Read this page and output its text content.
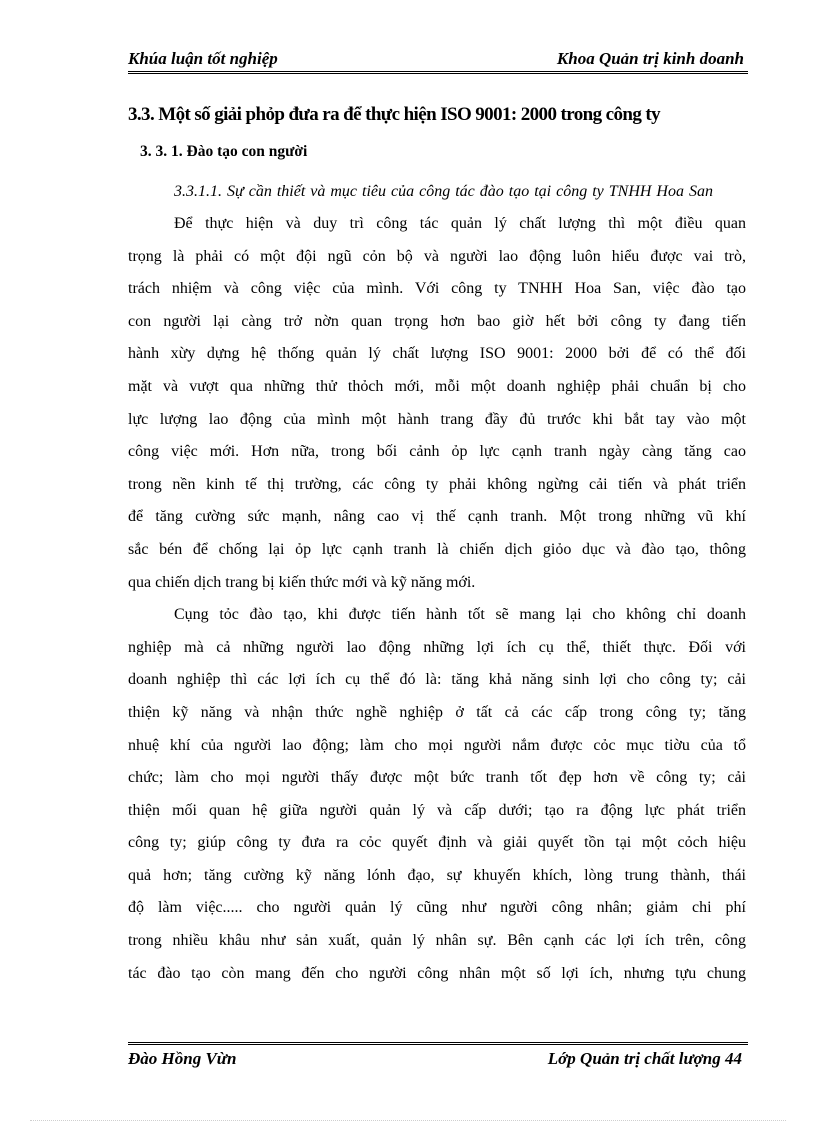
Khúa luận tốt nghiệp	Khoa Quản trị kinh doanh
3.3. Một số giải phỏp đưa ra để thực hiện ISO 9001: 2000 trong công ty
3. 3. 1. Đào tạo con người
3.3.1.1. Sự cần thiết và mục tiêu của công tác đào tạo tại công ty TNHH Hoa San
Để thực hiện và duy trì công tác quản lý chất lượng thì một điều quan
trọng là phải có một đội ngũ cỏn bộ và người lao động luôn hiểu được vai trò,
trách nhiệm và công việc của mình. Với công ty TNHH Hoa San, việc đào tạo
con người lại càng trở nờn quan trọng hơn bao giờ hết bởi công ty đang tiến
hành xừy dựng hệ thống quản lý chất lượng ISO 9001: 2000 bởi để có thể đối
mặt và vượt qua những thử thỏch mới, mỗi một doanh nghiệp phải chuẩn bị cho
lực lượng lao động của mình một hành trang đầy đủ trước khi bắt tay vào một
công việc mới. Hơn nữa, trong bối cảnh ỏp lực cạnh tranh ngày càng tăng cao
trong nền kinh tế thị trường, các công ty phải không ngừng cải tiến và phát triển
để tăng cường sức mạnh, nâng cao vị thế cạnh tranh. Một trong những vũ khí
sắc bén để chống lại ỏp lực cạnh tranh là chiến dịch giỏo dục và đào tạo, thông
qua chiến dịch trang bị kiến thức mới và kỹ năng mới.
Cụng tỏc đào tạo, khi được tiến hành tốt sẽ mang lại cho không chỉ doanh
nghiệp mà cả những người lao động những lợi ích cụ thể, thiết thực. Đối với
doanh nghiệp thì các lợi ích cụ thể đó là: tăng khả năng sinh lợi cho công ty; cải
thiện kỹ năng và nhận thức nghề nghiệp ở tất cả các cấp trong công ty; tăng
nhuệ khí của người lao động; làm cho mọi người nắm được cỏc mục tiờu của tổ
chức; làm cho mọi người thấy được một bức tranh tốt đẹp hơn về công ty; cải
thiện mối quan hệ giữa người quản lý và cấp dưới; tạo ra động lực phát triển
công ty; giúp công ty đưa ra cỏc quyết định và giải quyết tồn tại một cỏch hiệu
quả hơn; tăng cường kỹ năng lónh đạo, sự khuyến khích, lòng trung thành, thái
độ làm việc..... cho người quản lý cũng như người công nhân; giảm chi phí
trong nhiều khâu như sản xuất, quản lý nhân sự. Bên cạnh các lợi ích trên, công
tác đào tạo còn mang đến cho người công nhân một số lợi ích, nhưng tựu chung
Đào Hồng Vừn	Lớp Quản trị chất lượng 44
